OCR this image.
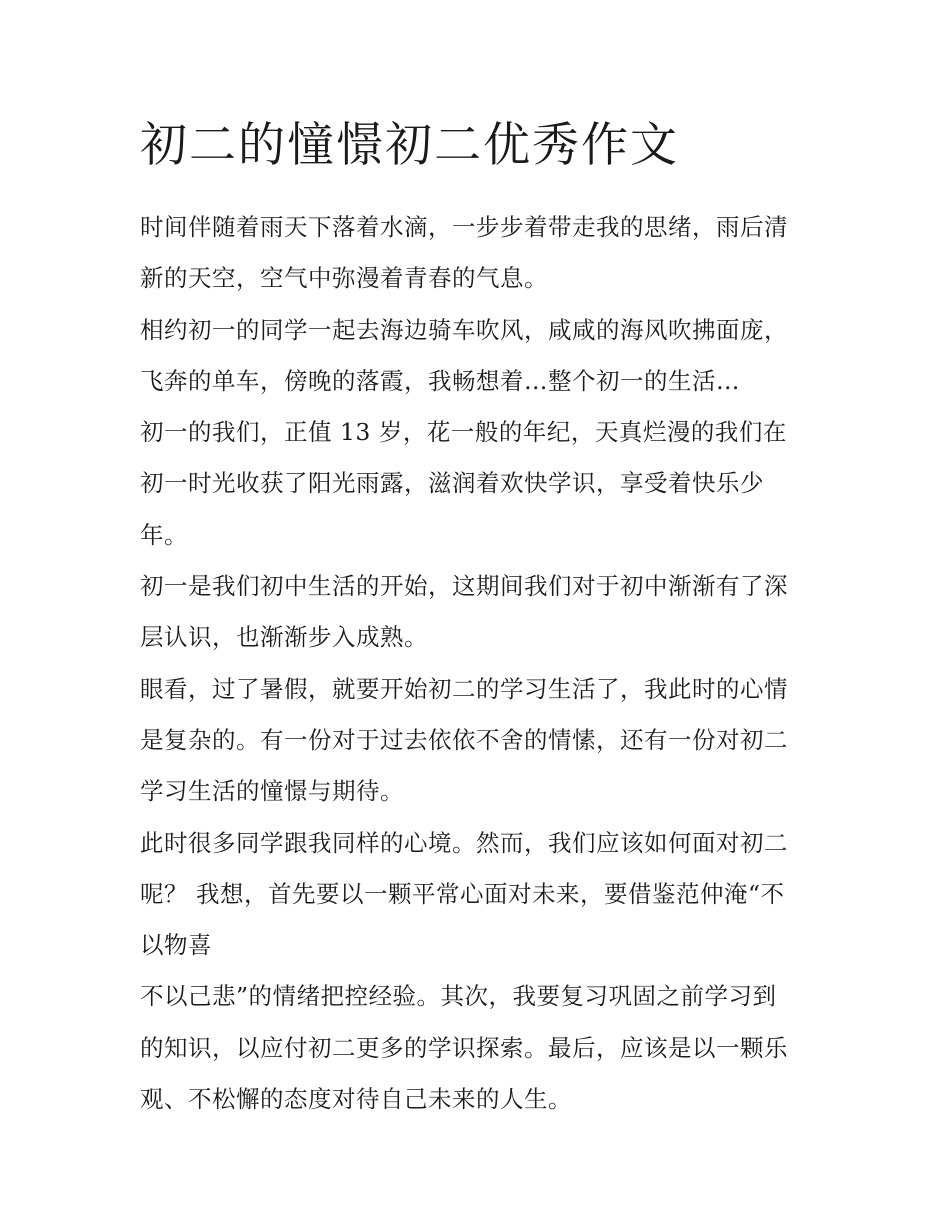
初二的憧憬初二优秀作文

时间伴随着雨天下落着水滴，一步步着带走我的思绪，雨后清
新的天空，空气中弥漫着青春的气息。

相约初一的同学一起去海边骑车吹风，咸咸的海风吹拂面庞，
飞奔的单车，傍晚的落霞，我畅想着…整个初一的生活…

初一的我们，正值 13 岁，花一般的年纪，天真烂漫的我们在
初一时光收获了阳光雨露，滋润着欢快学识，享受着快乐少
年。

初一是我们初中生活的开始，这期间我们对于初中渐渐有了深
层认识，也渐渐步入成熟。

眼看，过了暑假，就要开始初二的学习生活了，我此时的心情
是复杂的。有一份对于过去依依不舍的情愫，还有一份对初二
学习生活的憧憬与期待。

此时很多同学跟我同样的心境。然而，我们应该如何面对初二
呢？ 我想，首先要以一颗平常心面对未来，要借鉴范仲淹“不
以物喜

不以己悲”的情绪把控经验。其次，我要复习巩固之前学习到
的知识，以应付初二更多的学识探索。最后，应该是以一颗乐
观、不松懈的态度对待自己未来的人生。
